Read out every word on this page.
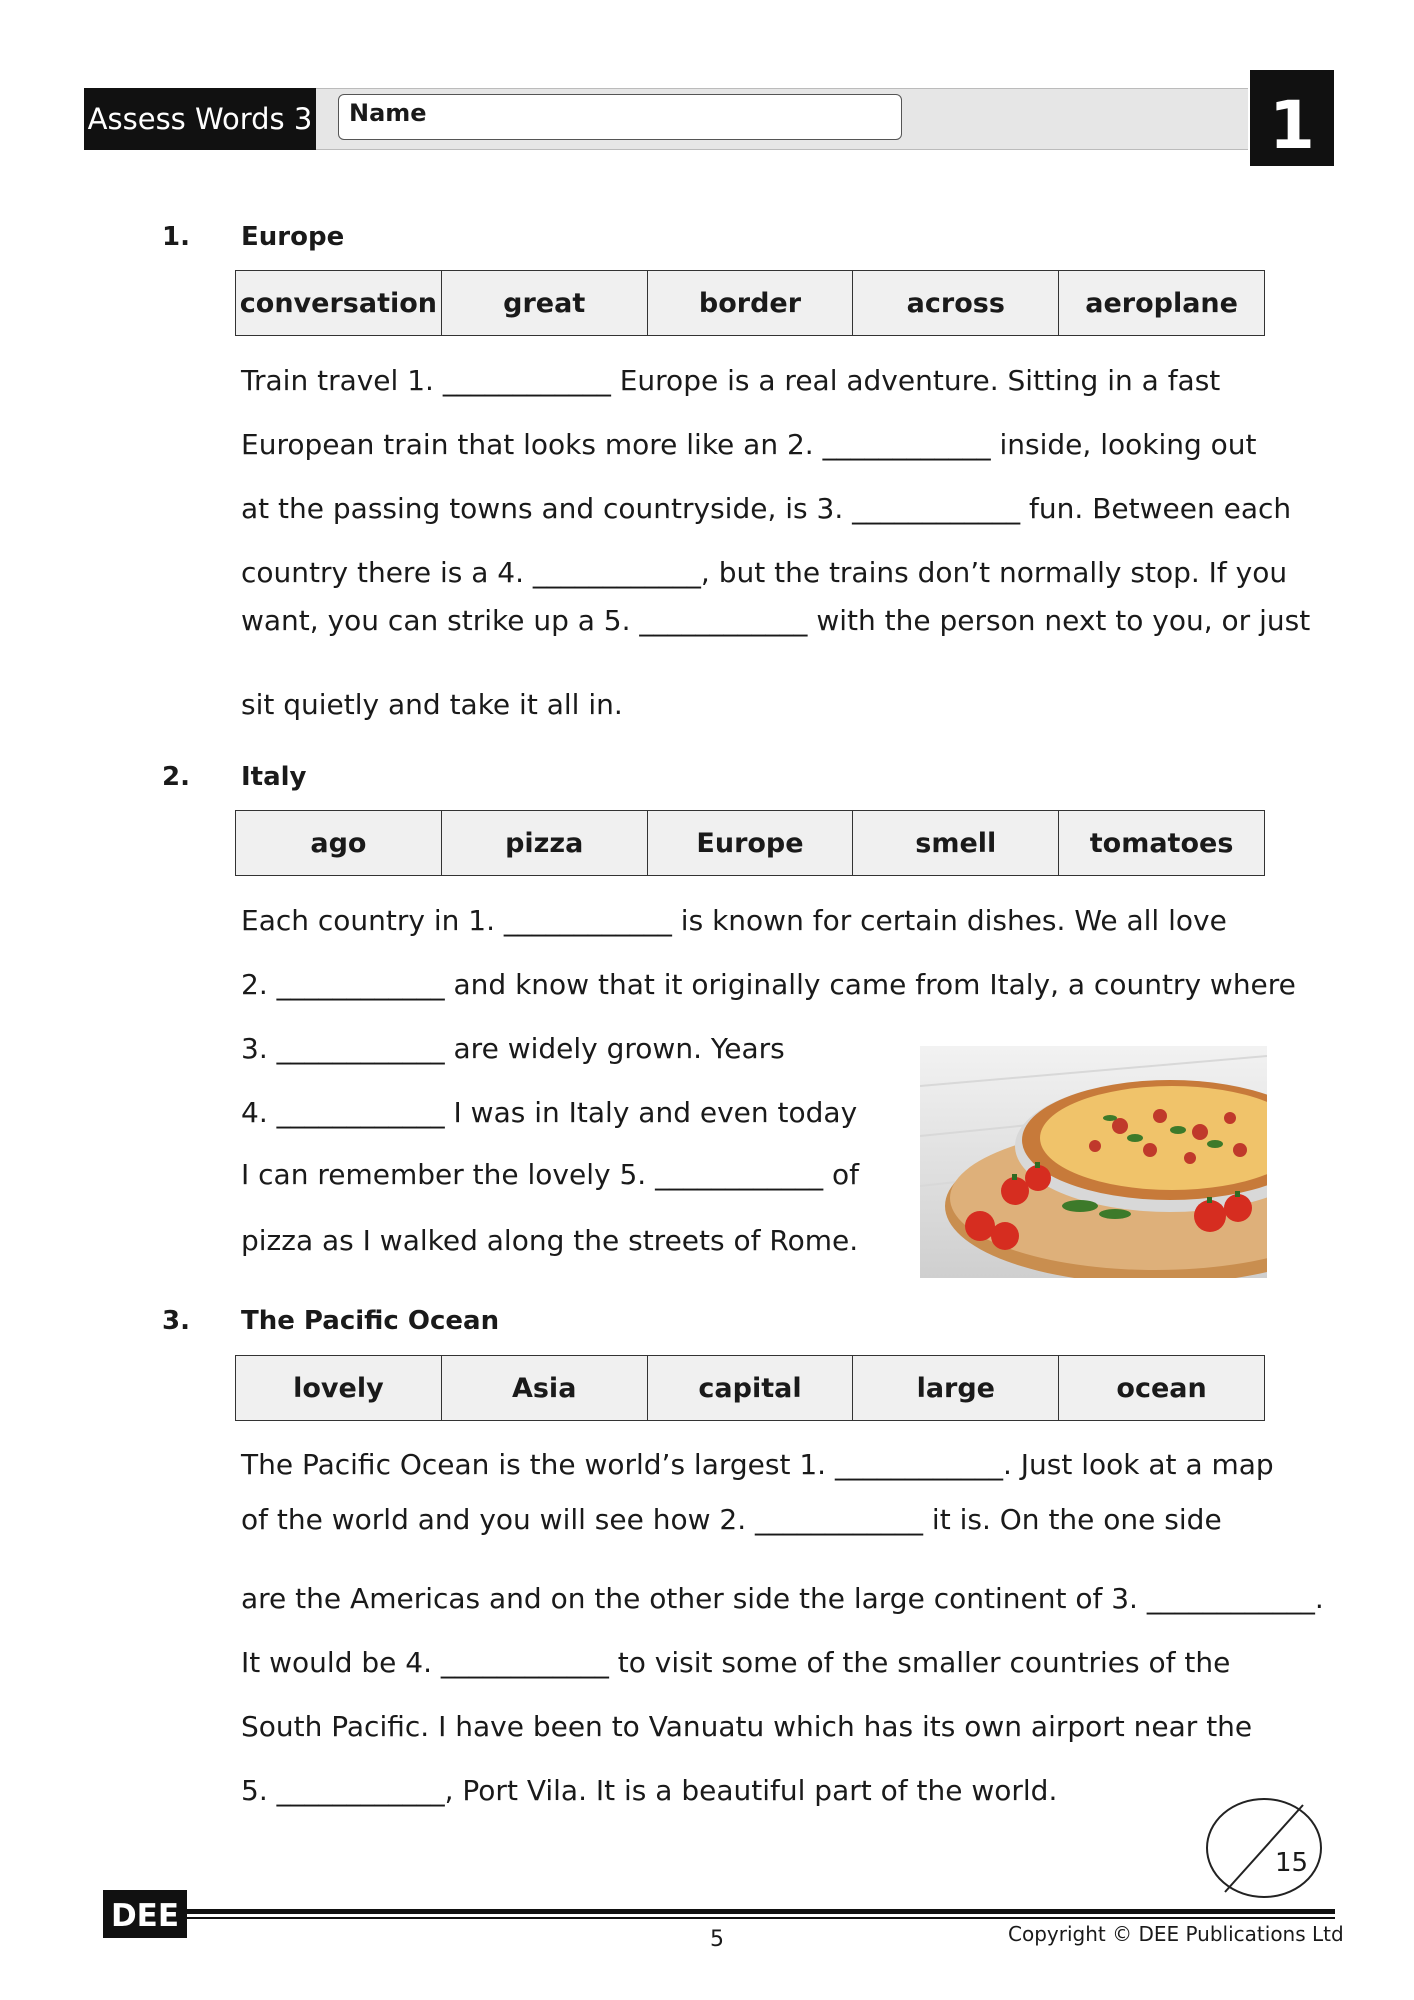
Assess Words 3 Name	1
1. Europe
conversation	great	border	across	aeroplane
Train travel 1. ____________ Europe is a real adventure. Sitting in a fast
European train that looks more like an 2. ____________ inside, looking out
at the passing towns and countryside, is 3. ____________ fun. Between each
country there is a 4. ____________, but the trains don’t normally stop. If you
want, you can strike up a 5. ____________ with the person next to you, or just
sit quietly and take it all in.
2. Italy
ago	pizza	Europe	smell	tomatoes
Each country in 1. ____________ is known for certain dishes. We all love
2. ____________ and know that it originally came from Italy, a country where
3. ____________ are widely grown. Years
4. ____________ I was in Italy and even today
I can remember the lovely 5. ____________ of
pizza as I walked along the streets of Rome.
3. The Pacific Ocean
lovely	Asia	capital	large	ocean
The Pacific Ocean is the world’s largest 1. ____________. Just look at a map
of the world and you will see how 2. ____________ it is. On the one side
are the Americas and on the other side the large continent of 3. ____________.
It would be 4. ____________ to visit some of the smaller countries of the
South Pacific. I have been to Vanuatu which has its own airport near the
5. ____________, Port Vila. It is a beautiful part of the world.
15
DEE
5	Copyright © DEE Publications Ltd
